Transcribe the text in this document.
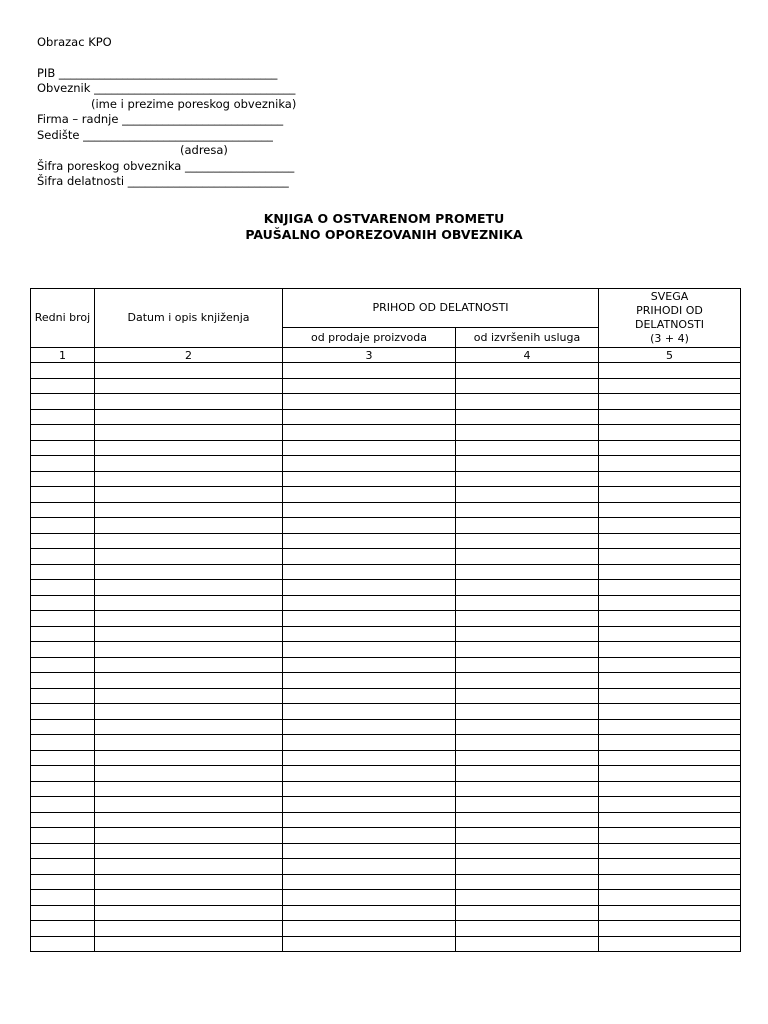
Obrazac KPO
PIB ______________________________________
Obveznik ___________________________________
(ime i prezime poreskog obveznika)
Firma – radnje ____________________________
Sedište _________________________________
(adresa)
Šifra poreskog obveznika ___________________
Šifra delatnosti ____________________________
KNJIGA O OSTVARENOM PROMETU
PAUŠALNO OPOREZOVANIH OBVEZNIKA
Redni broj	Datum i opis knjiženja	PRIHOD OD DELATNOSTI		SVEGA
PRIHODI OD
DELATNOSTI
(3 + 4)

		od prodaje proizvoda	od izvršenih usluga	
1	2	3	4	5
